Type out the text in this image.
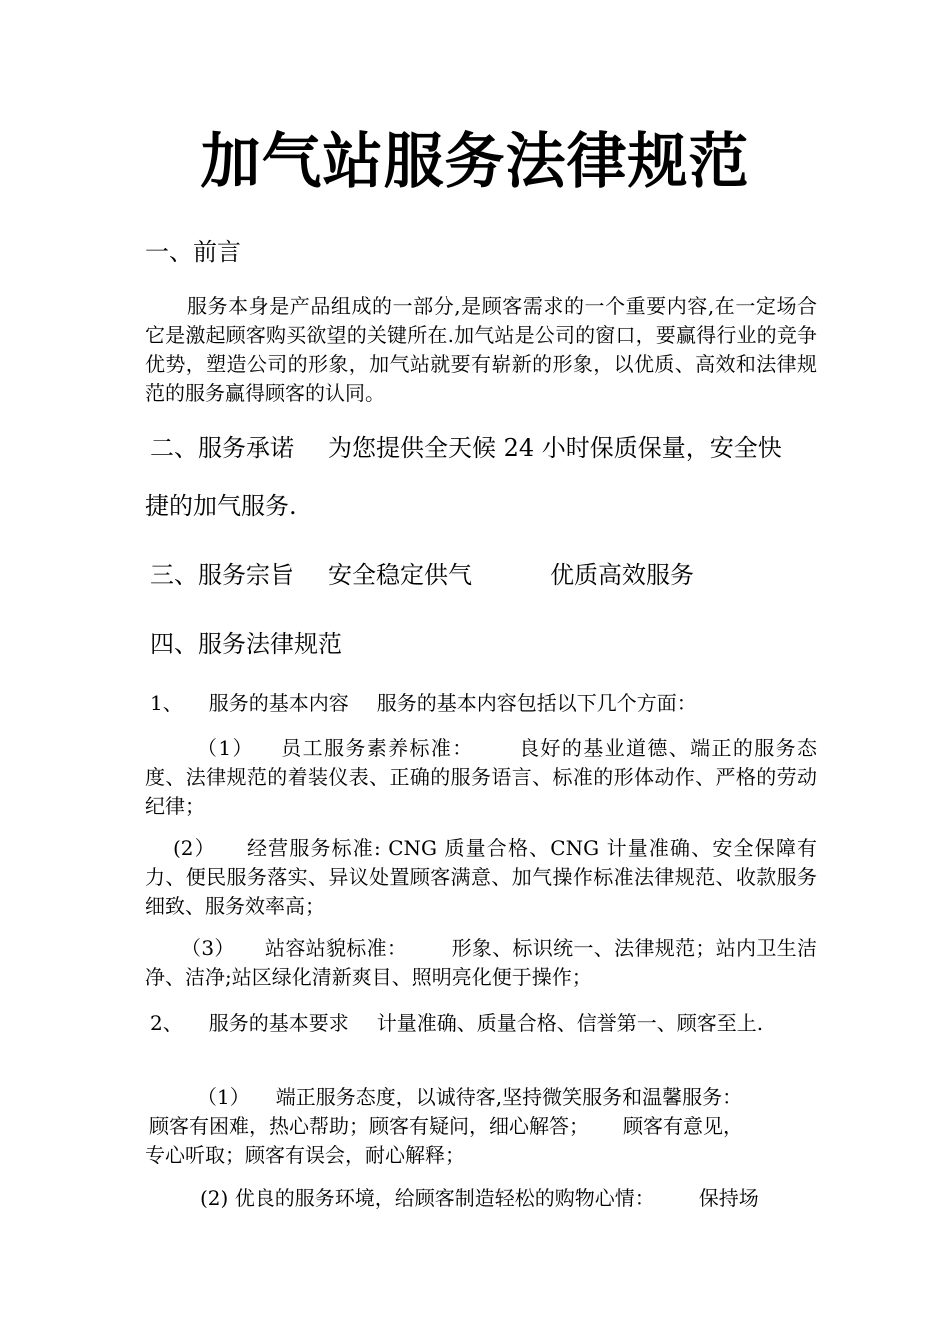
加气站服务法律规范
一、前言
服务本身是产品组成的一部分,是顾客需求的一个重要内容,在一定场合它是激起顾客购买欲望的关键所在.加气站是公司的窗口，要赢得行业的竞争优势，塑造公司的形象，加气站就要有崭新的形象，以优质、高效和法律规范的服务赢得顾客的认同。
二、服务承诺 为您提供全天候 24 小时保质保量，安全快
捷的加气服务.
三、服务宗旨 安全稳定供气	优质高效服务
四、服务法律规范
1、 服务的基本内容 服务的基本内容包括以下几个方面：
（1） 员工服务素养标准： 良好的基业道德、端正的服务态度、法律规范的着装仪表、正确的服务语言、标准的形体动作、严格的劳动纪律；
(2） 经营服务标准: CNG 质量合格、CNG 计量准确、安全保障有力、便民服务落实、异议处置顾客满意、加气操作标准法律规范、收款服务细致、服务效率高；
（3） 站容站貌标准： 形象、标识统一、法律规范；站内卫生洁净、洁净;站区绿化清新爽目、照明亮化便于操作；
2、 服务的基本要求 计量准确、质量合格、信誉第一、顾客至上.
（1） 端正服务态度，以诚待客,坚持微笑服务和温馨服务：
顾客有困难，热心帮助；顾客有疑问，细心解答； 顾客有意见，
专心听取；顾客有误会，耐心解释；
(2) 优良的服务环境，给顾客制造轻松的购物心情： 保持场
